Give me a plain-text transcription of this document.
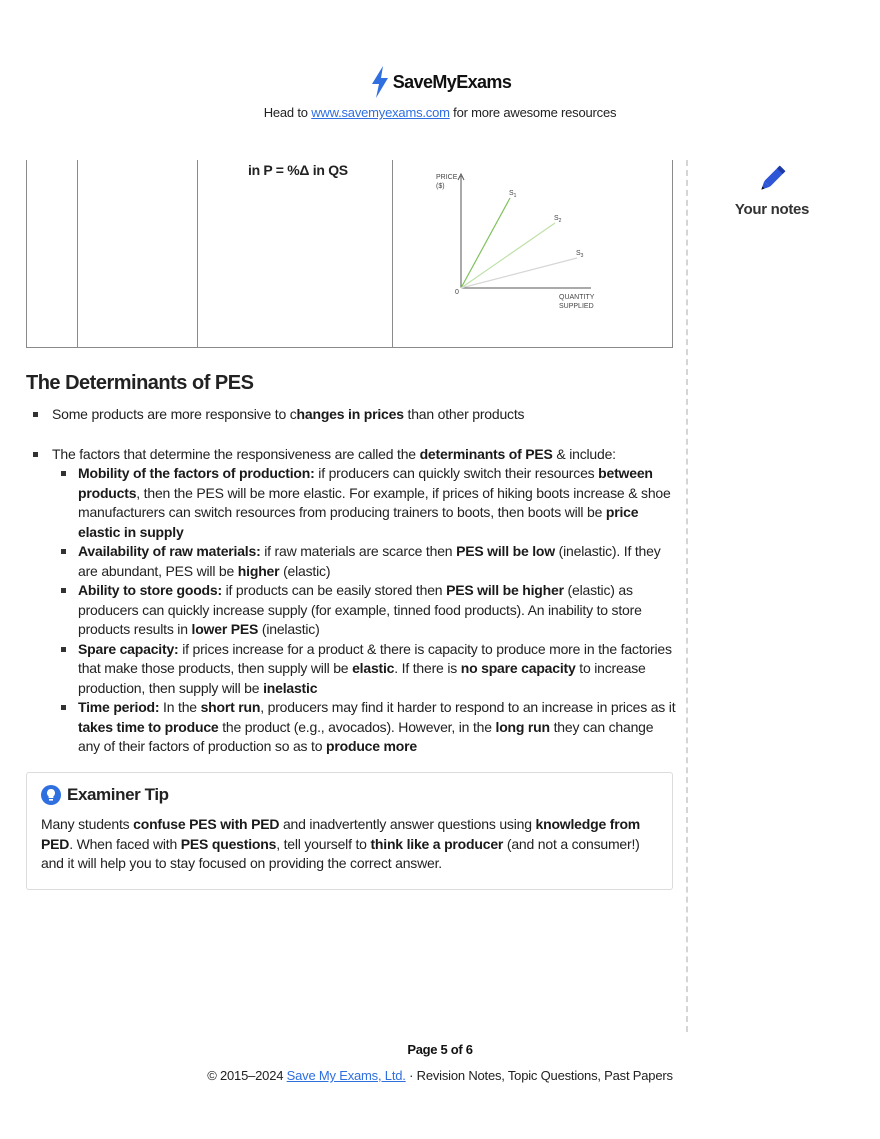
SaveMyExams
Head to www.savemyexams.com for more awesome resources
Your notes
in P = %Δ in QS	PRICE
($)
0
QUANTITY
SUPPLIED
$S_1$
$S_2$
$S_3$
The Determinants of PES
Some products are more responsive to changes in prices than other products
The factors that determine the responsiveness are called the determinants of PES & include:
Mobility of the factors of production: if producers can quickly switch their resources between products, then the PES will be more elastic. For example, if prices of hiking boots increase & shoe manufacturers can switch resources from producing trainers to boots, then boots will be price elastic in supply
Availability of raw materials: if raw materials are scarce then PES will be low (inelastic). If they are abundant, PES will be higher (elastic)
Ability to store goods: if products can be easily stored then PES will be higher (elastic) as producers can quickly increase supply (for example, tinned food products). An inability to store products results in lower PES (inelastic)
Spare capacity: if prices increase for a product & there is capacity to produce more in the factories that make those products, then supply will be elastic. If there is no spare capacity to increase production, then supply will be inelastic
Time period: In the short run, producers may find it harder to respond to an increase in prices as it takes time to produce the product (e.g., avocados). However, in the long run they can change any of their factors of production so as to produce more
Examiner Tip
Many students confuse PES with PED and inadvertently answer questions using knowledge from PED. When faced with PES questions, tell yourself to think like a producer (and not a consumer!) and it will help you to stay focused on providing the correct answer.
Page 5 of 6
© 2015–2024 Save My Exams, Ltd. · Revision Notes, Topic Questions, Past Papers
